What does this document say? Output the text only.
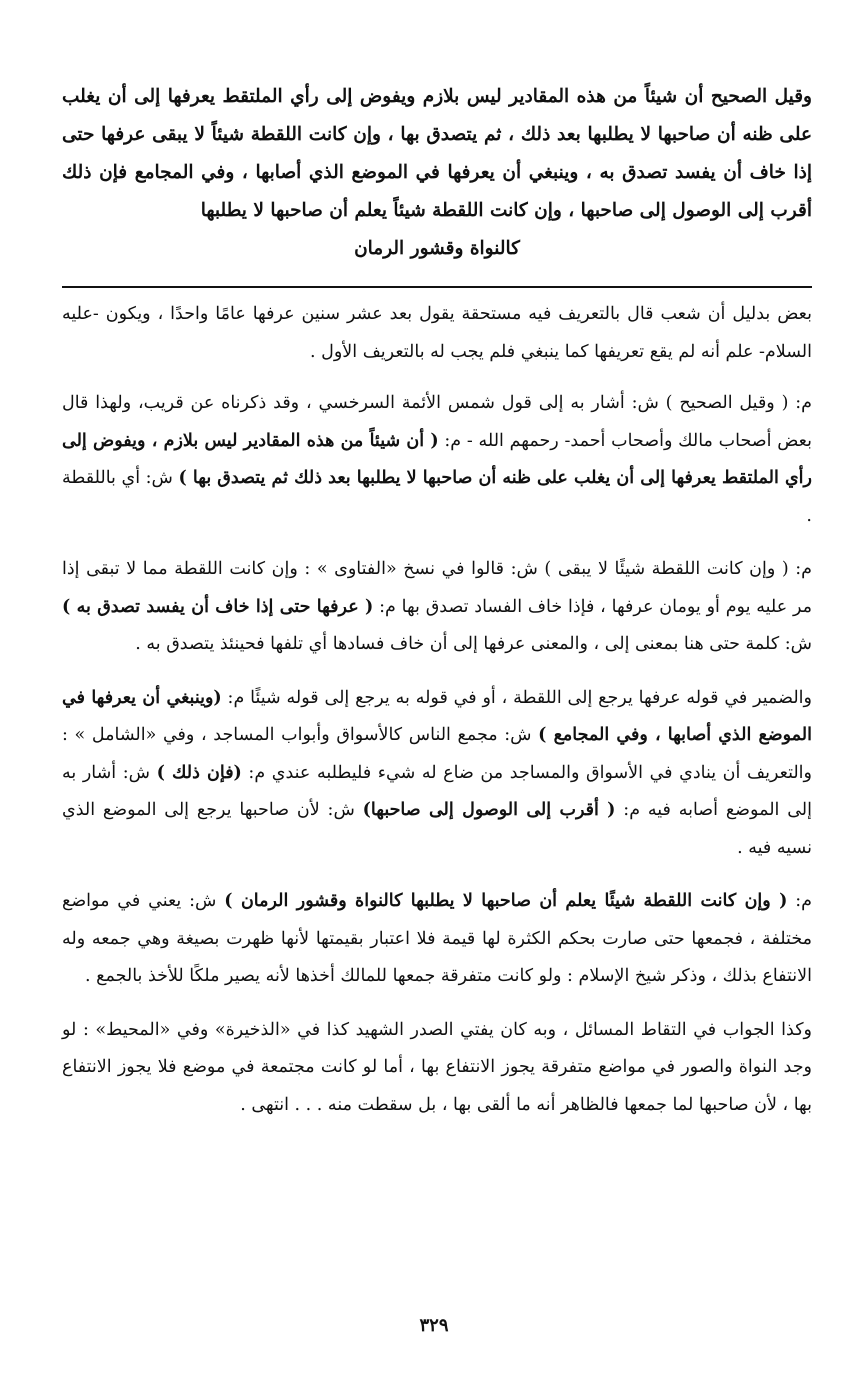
وقيل الصحيح أن شيئاً من هذه المقادير ليس بلازم ويفوض إلى رأي الملتقط يعرفها إلى أن يغلب على ظنه أن صاحبها لا يطلبها بعد ذلك ، ثم يتصدق بها ، وإن كانت اللقطة شيئاً لا يبقى عرفها حتى إذا خاف أن يفسد تصدق به ، وينبغي أن يعرفها في الموضع الذي أصابها ، وفي المجامع فإن ذلك أقرب إلى الوصول إلى صاحبها ، وإن كانت اللقطة شيئاً يعلم أن صاحبها لا يطلبها

كالنواة وقشور الرمان

بعض بدليل أن شعب قال بالتعريف فيه مستحقة يقول بعد عشر سنين عرفها عامًا واحدًا ، ويكون -عليه السلام- علم أنه لم يقع تعريفها كما ينبغي فلم يجب له بالتعريف الأول .

م: ( وقيل الصحيح ) ش: أشار به إلى قول شمس الأئمة السرخسي ، وقد ذكرناه عن قريب، ولهذا قال بعض أصحاب مالك وأصحاب أحمد- رحمهم الله - م: ( أن شيئاً من هذه المقادير ليس بلازم ، ويفوض إلى رأي الملتقط يعرفها إلى أن يغلب على ظنه أن صاحبها لا يطلبها بعد ذلك ثم يتصدق بها ) ش: أي باللقطة .

م: ( وإن كانت اللقطة شيئًا لا يبقى ) ش: قالوا في نسخ «الفتاوى » : وإن كانت اللقطة مما لا تبقى إذا مر عليه يوم أو يومان عرفها ، فإذا خاف الفساد تصدق بها م: ( عرفها حتى إذا خاف أن يفسد تصدق به ) ش: كلمة حتى هنا بمعنى إلى ، والمعنى عرفها إلى أن خاف فسادها أي تلفها فحينئذ يتصدق به .

والضمير في قوله عرفها يرجع إلى اللقطة ، أو في قوله به يرجع إلى قوله شيئًا م: (وينبغي أن يعرفها في الموضع الذي أصابها ، وفي المجامع ) ش: مجمع الناس كالأسواق وأبواب المساجد ، وفي «الشامل » : والتعريف أن ينادي في الأسواق والمساجد من ضاع له شيء فليطلبه عندي م: (فإن ذلك ) ش: أشار به إلى الموضع أصابه فيه م: ( أقرب إلى الوصول إلى صاحبها) ش: لأن صاحبها يرجع إلى الموضع الذي نسيه فيه .

م: ( وإن كانت اللقطة شيئًا يعلم أن صاحبها لا يطلبها كالنواة وقشور الرمان ) ش: يعني في مواضع مختلفة ، فجمعها حتى صارت بحكم الكثرة لها قيمة فلا اعتبار بقيمتها لأنها ظهرت بصيغة وهي جمعه وله الانتفاع بذلك ، وذكر شيخ الإسلام : ولو كانت متفرقة جمعها للمالك أخذها لأنه يصير ملكًا للأخذ بالجمع .

وكذا الجواب في التقاط المسائل ، وبه كان يفتي الصدر الشهيد كذا في «الذخيرة» وفي «المحيط» : لو وجد النواة والصور في مواضع متفرقة يجوز الانتفاع بها ، أما لو كانت مجتمعة في موضع فلا يجوز الانتفاع بها ، لأن صاحبها لما جمعها فالظاهر أنه ما ألقى بها ، بل سقطت منه . . . انتهى .

٣٢٩
